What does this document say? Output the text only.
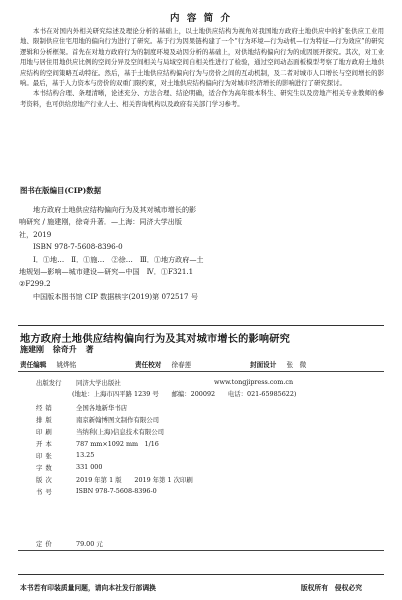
内 容 简 介

本书在对国内外相关研究综述及理论分析的基础上，以土地供应结构为视角对我国地方政府土地供应中的扩张供应工业用地、限制供应住宅用地的偏向行为进行了研究。基于行为因果链构建了一个“行为环境—行为动机—行为特征—行为效应”的研究逻辑和分析框架。首先在对地方政府行为的制度环境及动因分析的基础上，对供地结构偏向行为的成因展开探究。其次，对工业用地与居住用地供应比例的空间分异及空间相关与局域空间自相关性进行了检验，通过空间动态面板模型考察了地方政府土地供应结构的空间策略互动特征。然后，基于土地供应结构偏向行为与房价之间的互动机制，及二者对城市人口增长与空间增长的影响。最后，基于人力资本与房价的双重门限约束，对土地供应结构偏向行为对城市经济增长的影响进行了研究探讨。

本书结构合理、条理清晰，论述充分、方法合理、结论明确，适合作为高年级本科生、研究生以及房地产相关专业教师的参考资料，也可供给房地产行业人士、相关咨询机构以及政府有关部门学习参考。

图书在版编目(CIP)数据
地方政府土地供应结构偏向行为及其对城市增长的影
响研究 / 施建刚，徐奇升著．—上海：同济大学出版
社，2019
ISBN 978-7-5608-8396-0
Ⅰ．①地…　Ⅱ．①施…　②徐…　Ⅲ．①地方政府—土
地规划—影响—城市建设—研究—中国　Ⅳ．①F321.1
②F299.2
中国版本图书馆 CIP 数据核字(2019)第 072517 号
地方政府土地供应结构偏向行为及其对城市增长的影响研究
施建刚 徐奇升 著
责任编辑 姚烨铭	责任校对 徐春莲	封面设计 张　微
出版发行	同济大学出版社	www.tongjipress.com.cn
(地址：上海市四平路 1239 号　　邮编：200092　　电话：021-65985622)
经销	全国各地新华书店
排版	南京新翰博图文制作有限公司
印刷	当纳利(上海)信息技术有限公司
开本	787 mm×1092 mm　1/16
印张	13.25
字数	331 000
版次	2019 年第 1 版　　2019 年第 1 次印刷
书号	ISBN 978-7-5608-8396-0
定价	79.00 元
本书若有印装质量问题，请向本社发行部调换	版权所有　侵权必究
